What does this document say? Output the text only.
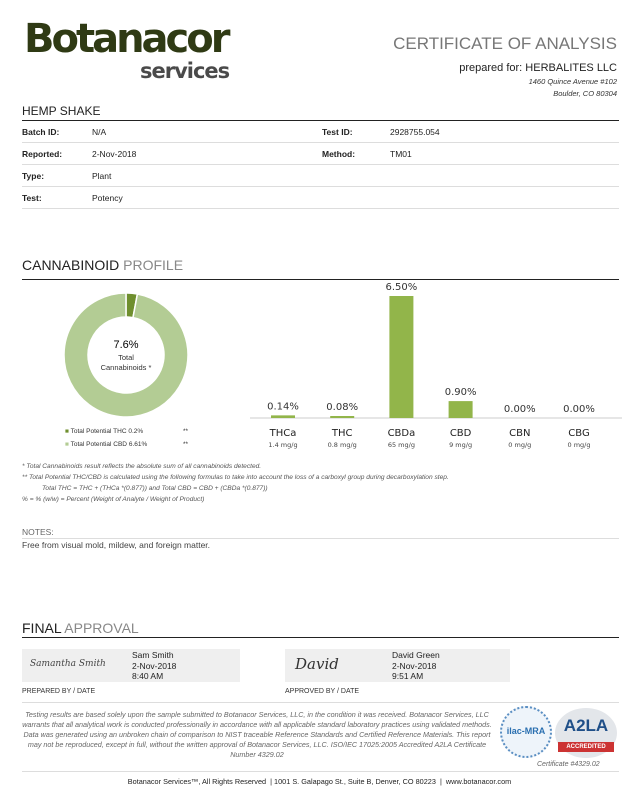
Botanacor
services
CERTIFICATE OF ANALYSIS
prepared for: HERBALITES LLC
1460 Quince Avenue #102
Boulder, CO 80304
HEMP SHAKE
Batch ID:	N/A	Test ID:	2928755.054
Reported:	2-Nov-2018	Method:	TM01
Type:	Plant
Test:	Potency
CANNABINOID PROFILE
7.6%
Total
Cannabinoids *
0.14%
THCa
1.4 mg/g
0.08%
THC
0.8 mg/g
6.50%
CBDa
65 mg/g
0.90%
CBD
9 mg/g
0.00%
CBN
0 mg/g
0.00%
CBG
0 mg/g
■ Total Potential THC 0.2%	**
■ Total Potential CBD 6.61%	**
* Total Cannabinoids result reflects the absolute sum of all cannabinoids detected.
** Total Potential THC/CBD is calculated using the following formulas to take into account the loss of a carboxyl group during decarboxylation step.
Total THC = THC + (THCa *(0.877)) and Total CBD = CBD + (CBDa *(0.877))
% = % (w/w) = Percent (Weight of Analyte / Weight of Product)
NOTES:
Free from visual mold, mildew, and foreign matter.
FINAL APPROVAL
Samantha Smith
Sam Smith
2-Nov-2018
8:40 AM
PREPARED BY / DATE
David	David Green
2-Nov-2018
9:51 AM
APPROVED BY / DATE
Testing results are based solely upon the sample submitted to Botanacor Services, LLC, in the condition it was received. Botanacor Services, LLC warrants that all analytical work is conducted professionally in accordance with all applicable standard laboratory practices using validated methods. Data was generated using an unbroken chain of comparison to NIST traceable Reference Standards and Certified Reference Materials. This report may not be reproduced, except in full, without the written approval of Botanacor Services, LLC. ISO/IEC 17025:2005 Accredited A2LA Certificate Number 4329.02
ilac-MRA	A2LA
ACCREDITED
Certificate #4329.02
Botanacor Services™, All Rights Reserved  | 1001 S. Galapago St., Suite B, Denver, CO 80223  |  www.botanacor.com
